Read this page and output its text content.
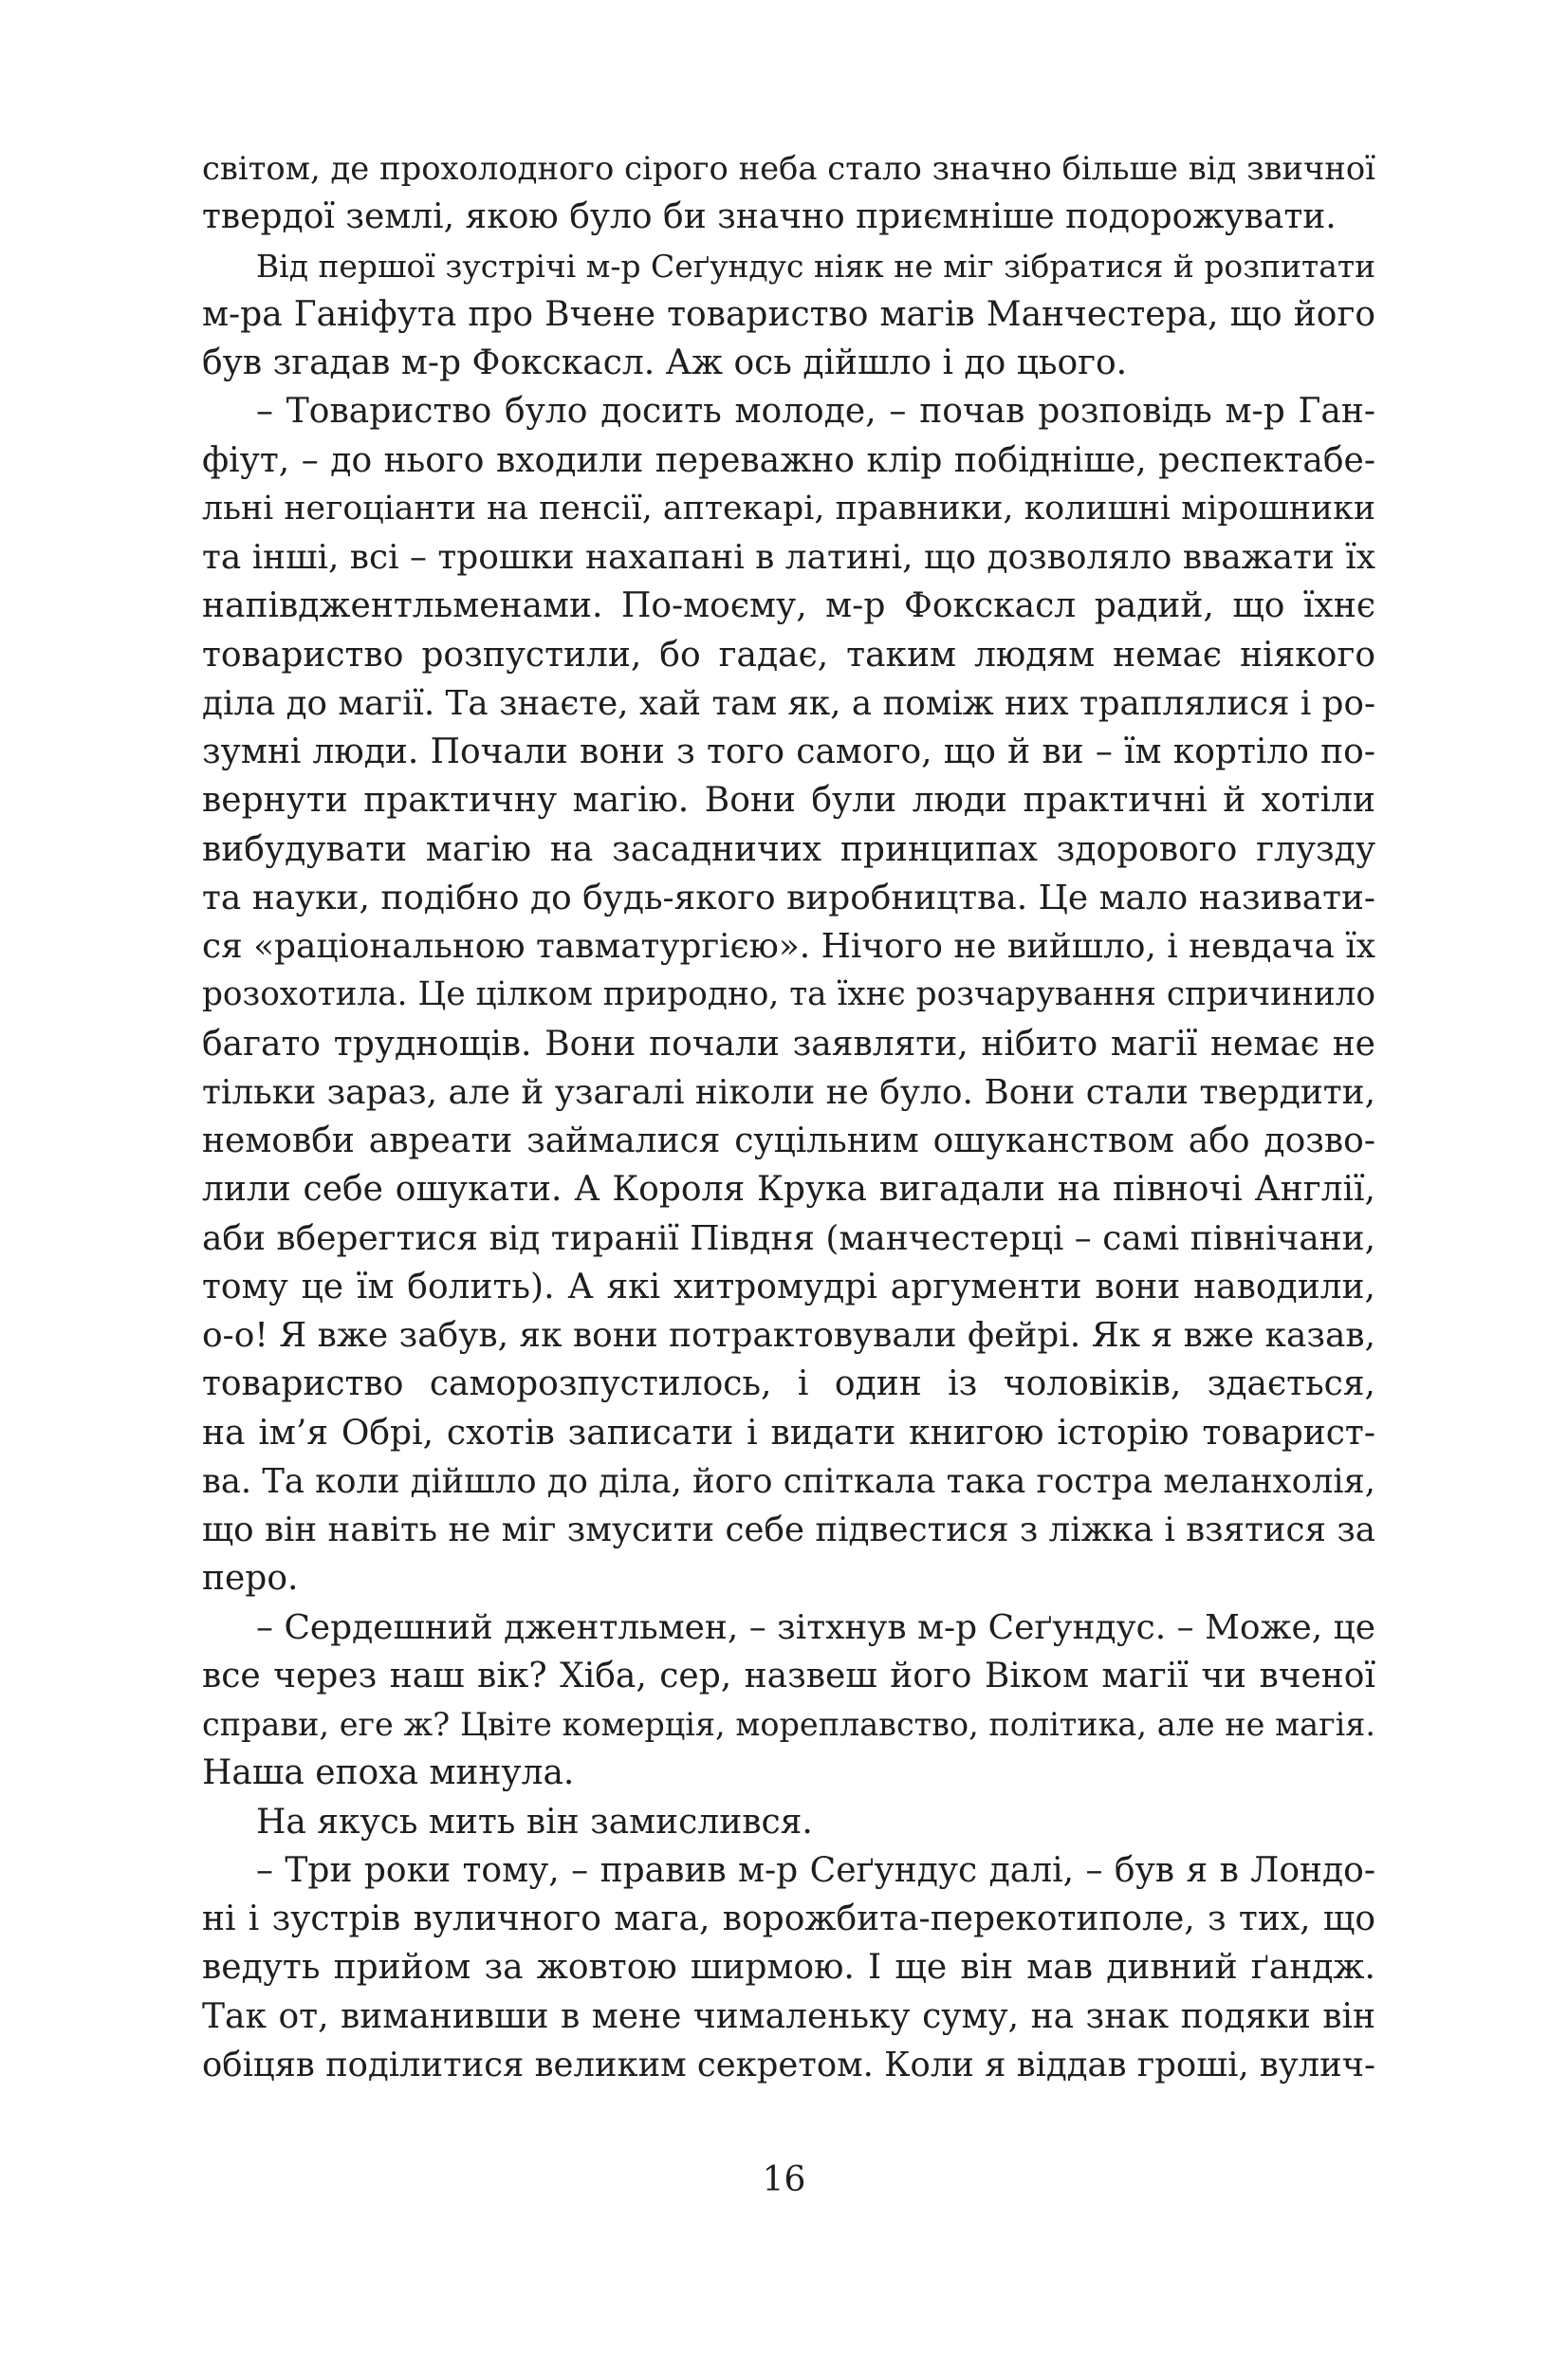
світом, де прохолодного сірого неба стало значно більше від звичної
твердої землі, якою було би значно приємніше подорожувати.
Від першої зустрічі м-р Сеґундус ніяк не міг зібратися й розпитати
м-ра Ганіфута про Вчене товариство магів Манчестера, що його
був згадав м-р Фокскасл. Аж ось дійшло і до цього.
– Товариство було досить молоде, – почав розповідь м-р Ган-
фіут, – до нього входили переважно клір побідніше, респектабе-
льні негоціанти на пенсії, аптекарі, правники, колишні мірошники
та інші, всі – трошки нахапані в латині, що дозволяло вважати їх
напівджентльменами. По-моєму, м-р Фокскасл радий, що їхнє
товариство розпустили, бо гадає, таким людям немає ніякого
діла до магії. Та знаєте, хай там як, а поміж них траплялися і ро-
зумні люди. Почали вони з того самого, що й ви – їм кортіло по-
вернути практичну магію. Вони були люди практичні й хотіли
вибудувати магію на засадничих принципах здорового глузду
та науки, подібно до будь-якого виробництва. Це мало називати-
ся «раціональною тавматургією». Нічого не вийшло, і невдача їх
розохотила. Це цілком природно, та їхнє розчарування спричинило
багато труднощів. Вони почали заявляти, нібито магії немає не
тільки зараз, але й узагалі ніколи не було. Вони стали твердити,
немовби авреати займалися суцільним ошуканством або дозво-
лили себе ошукати. А Короля Крука вигадали на півночі Англії,
аби вберегтися від тиранії Півдня (манчестерці – самі північани,
тому це їм болить). А які хитромудрі аргументи вони наводили,
о-о! Я вже забув, як вони потрактовували фейрі. Як я вже казав,
товариство саморозпустилось, і один із чоловіків, здається,
на ім’я Обрі, схотів записати і видати книгою історію товарист-
ва. Та коли дійшло до діла, його спіткала така гостра меланхолія,
що він навіть не міг змусити себе підвестися з ліжка і взятися за
перо.
– Сердешний джентльмен, – зітхнув м-р Сеґундус. – Може, це
все через наш вік? Хіба, сер, назвеш його Віком магії чи вченої
справи, еге ж? Цвіте комерція, мореплавство, політика, але не магія.
Наша епоха минула.
На якусь мить він замислився.
– Три роки тому, – правив м-р Сеґундус далі, – був я в Лондо-
ні і зустрів вуличного мага, ворожбита-перекотиполе, з тих, що
ведуть прийом за жовтою ширмою. І ще він мав дивний ґандж.
Так от, виманивши в мене чималеньку суму, на знак подяки він
обіцяв поділитися великим секретом. Коли я віддав гроші, вулич-
16
